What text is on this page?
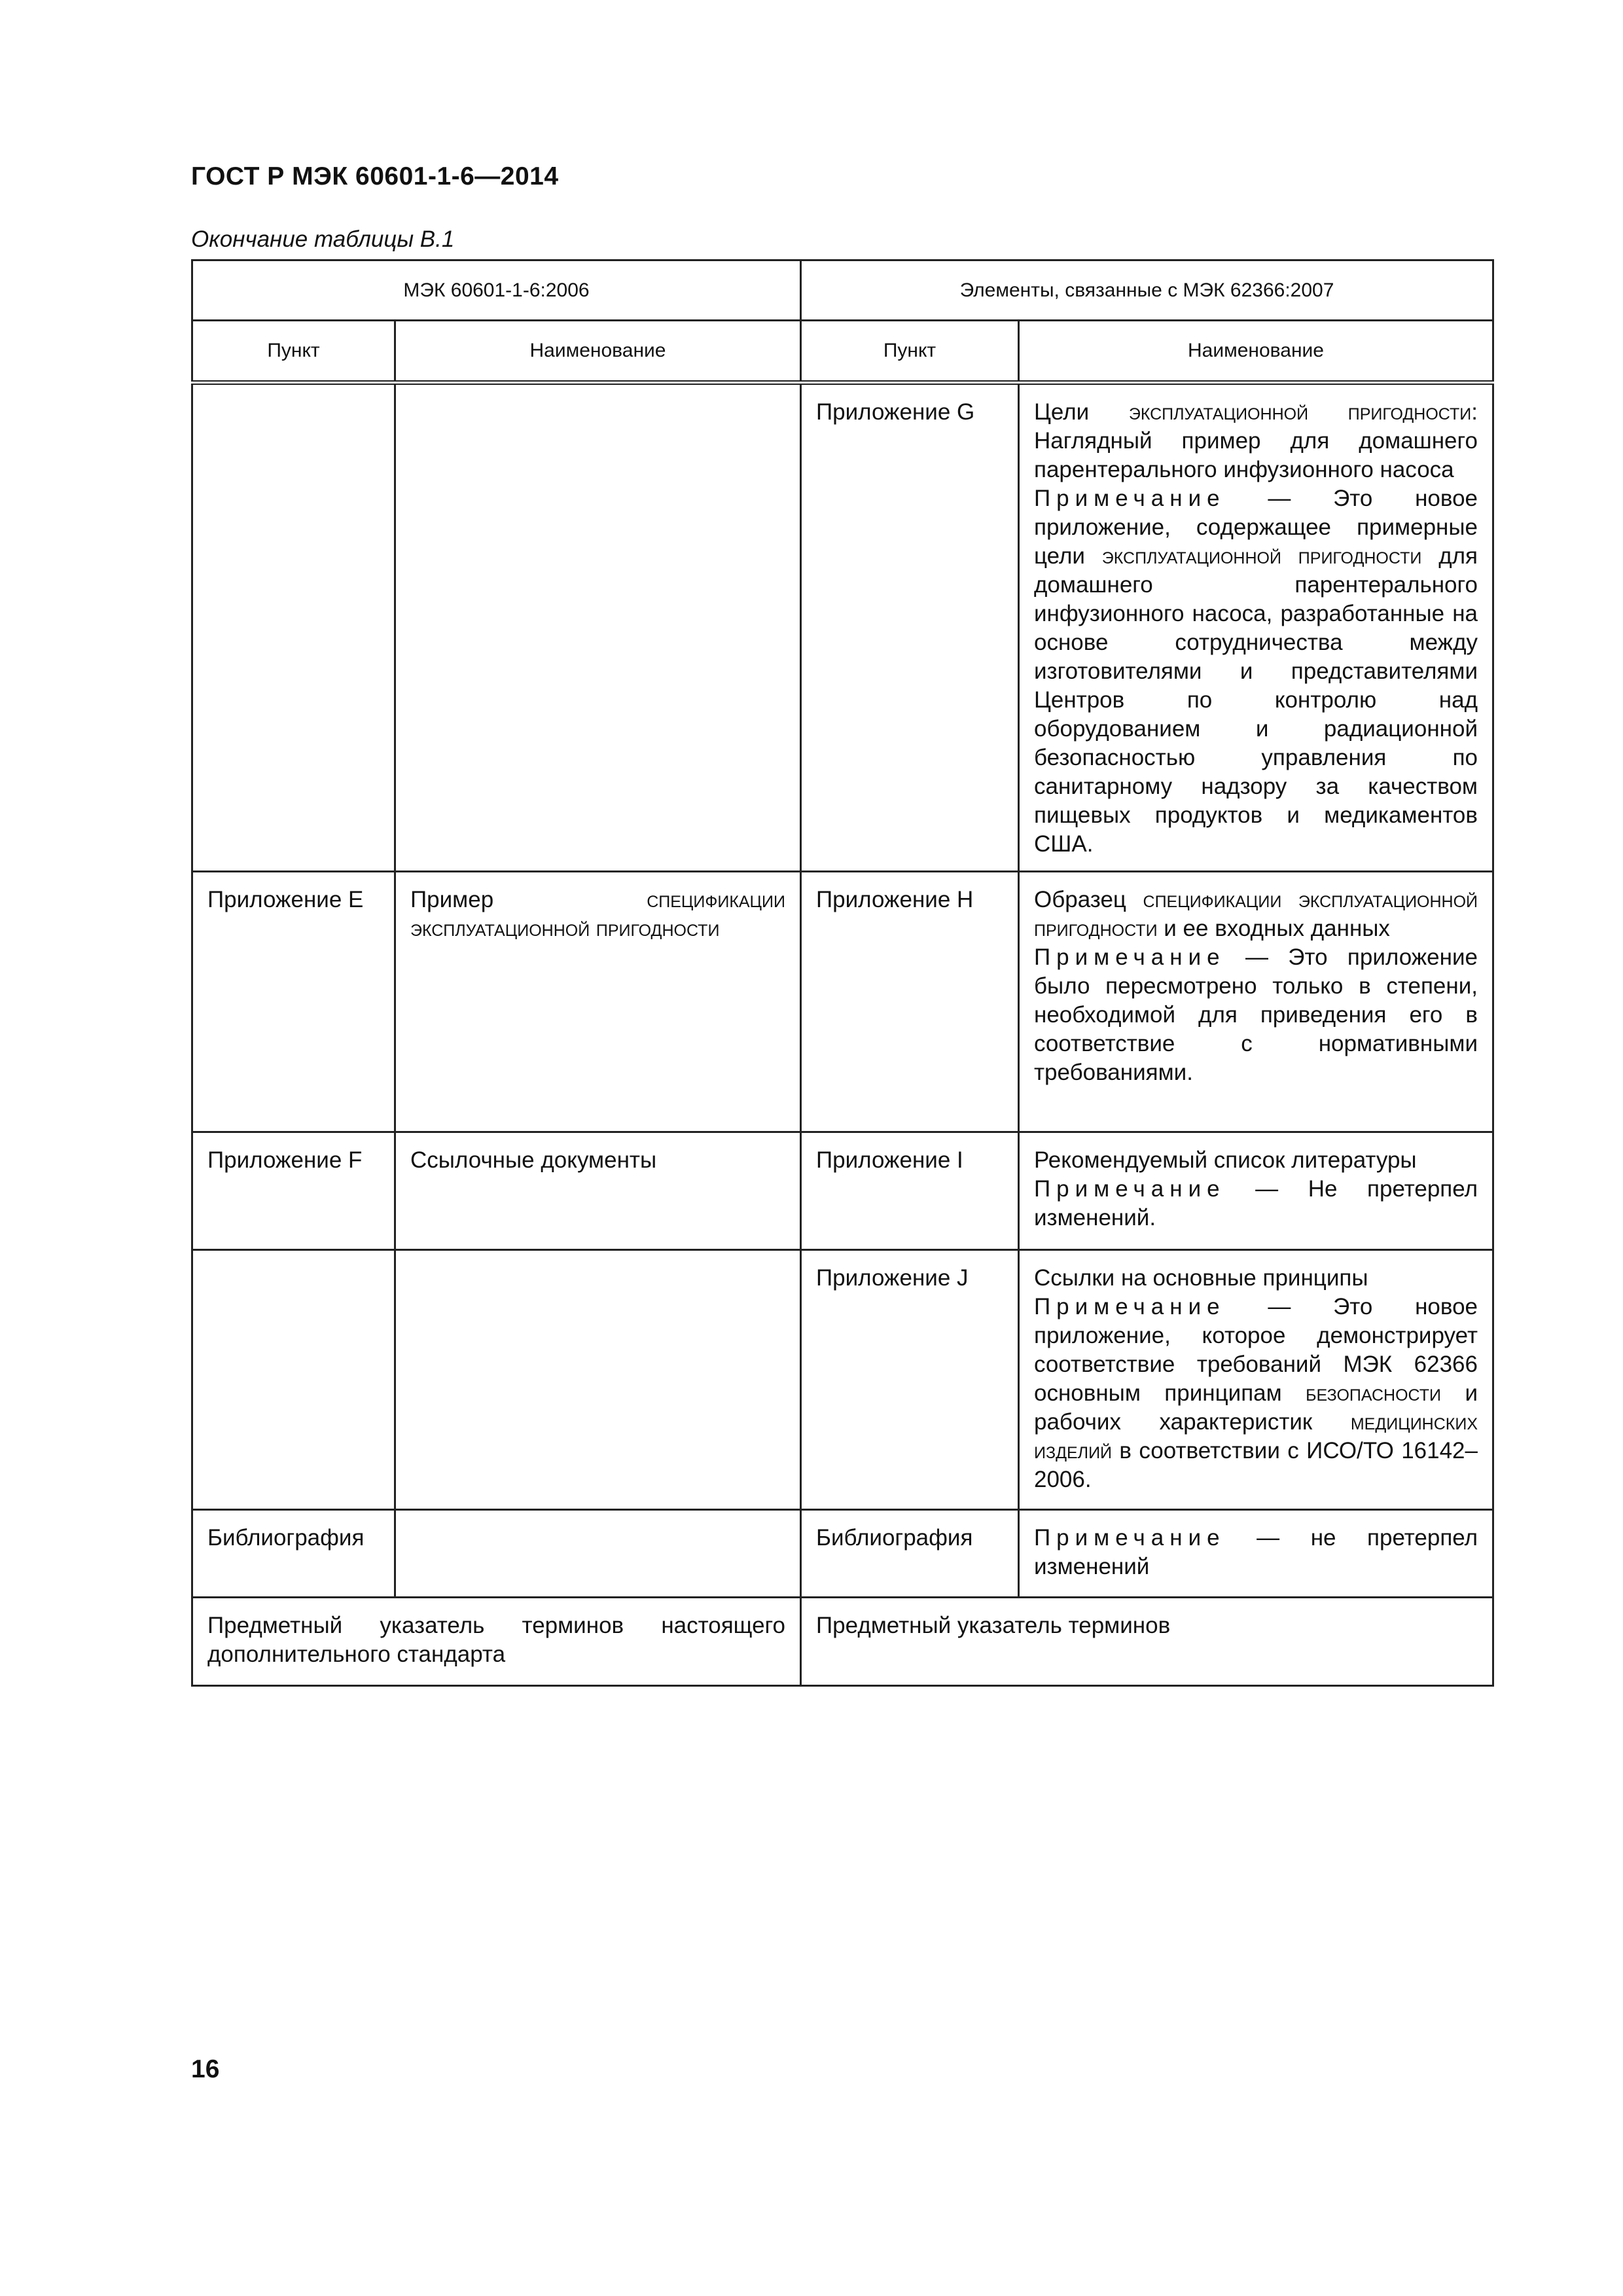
ГОСТ Р МЭК 60601-1-6—2014
Окончание таблицы В.1
МЭК 60601-1-6:2006		Элементы, связанные с МЭК 62366:2007	
Пункт	Наименование	Пункт	Наименование
		Приложение G	Цели эксплуатационной пригодности: Наглядный пример для домашнего парентерального инфузионного насоса
Примечание — Это новое приложение, содержащее примерные цели эксплуатационной пригодности для домашнего парентерального инфузионного насоса, разработанные на основе сотрудничества между изготовителями и представителями Центров по контролю над оборудованием и радиационной безопасностью управления по санитарному надзору за качеством пищевых продуктов и медикаментов США.

Приложение Е	Пример спецификации эксплуатационной пригодности	Приложение H	Образец спецификации эксплуатационной пригодности и ее входных данных
Примечание — Это приложение было пересмотрено только в степени, необходимой для приведения его в соответствие с нормативными требованиями.

Приложение F	Ссылочные документы	Приложение I	Рекомендуемый список литературы
Примечание — Не претерпел изменений.

		Приложение J	Ссылки на основные принципы
Примечание — Это новое приложение, которое демонстрирует соответствие требований МЭК 62366 основным принципам безопасности и рабочих характеристик медицинских изделий в соответствии с ИСО/ТО 16142–2006.

Библиография		Библиография	Примечание — не претерпел изменений

Предметный указатель терминов настоящего дополнительного стандарта		Предметный указатель терминов	
16
